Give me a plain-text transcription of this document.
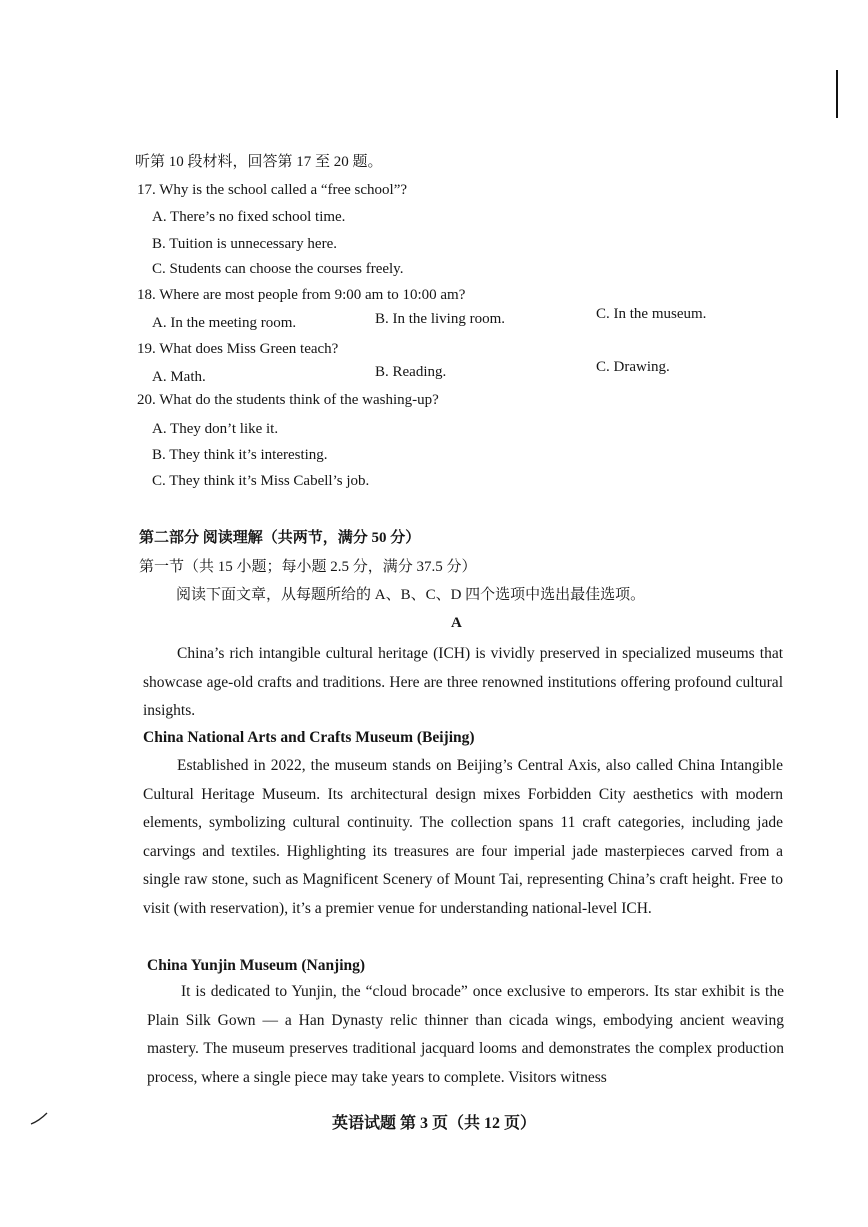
听第 10 段材料，回答第 17 至 20 题。
17. Why is the school called a “free school”?
A. There’s no fixed school time.
B. Tuition is unnecessary here.
C. Students can choose the courses freely.
18. Where are most people from 9:00 am to 10:00 am?
A. In the meeting room.	B. In the living room.	C. In the museum.
19. What does Miss Green teach?
A. Math.	B. Reading.	C. Drawing.
20. What do the students think of the washing-up?
A. They don’t like it.
B. They think it’s interesting.
C. They think it’s Miss Cabell’s job.
第二部分 阅读理解（共两节，满分 50 分）
第一节（共 15 小题；每小题 2.5 分，满分 37.5 分）
阅读下面文章，从每题所给的 A、B、C、D 四个选项中选出最佳选项。
A
China’s rich intangible cultural heritage (ICH) is vividly preserved in specialized museums that showcase age-old crafts and traditions. Here are three renowned institutions offering profound cultural insights.
China National Arts and Crafts Museum (Beijing)
Established in 2022, the museum stands on Beijing’s Central Axis, also called China Intangible Cultural Heritage Museum. Its architectural design mixes Forbidden City aesthetics with modern elements, symbolizing cultural continuity. The collection spans 11 craft categories, including jade carvings and textiles. Highlighting its treasures are four imperial jade masterpieces carved from a single raw stone, such as Magnificent Scenery of Mount Tai, representing China’s craft height. Free to visit (with reservation), it’s a premier venue for understanding national-level ICH.
China Yunjin Museum (Nanjing)
It is dedicated to Yunjin, the “cloud brocade” once exclusive to emperors. Its star exhibit is the Plain Silk Gown — a Han Dynasty relic thinner than cicada wings, embodying ancient weaving mastery. The museum preserves traditional jacquard looms and demonstrates the complex production process, where a single piece may take years to complete. Visitors witness
英语试题 第 3 页（共 12 页）
